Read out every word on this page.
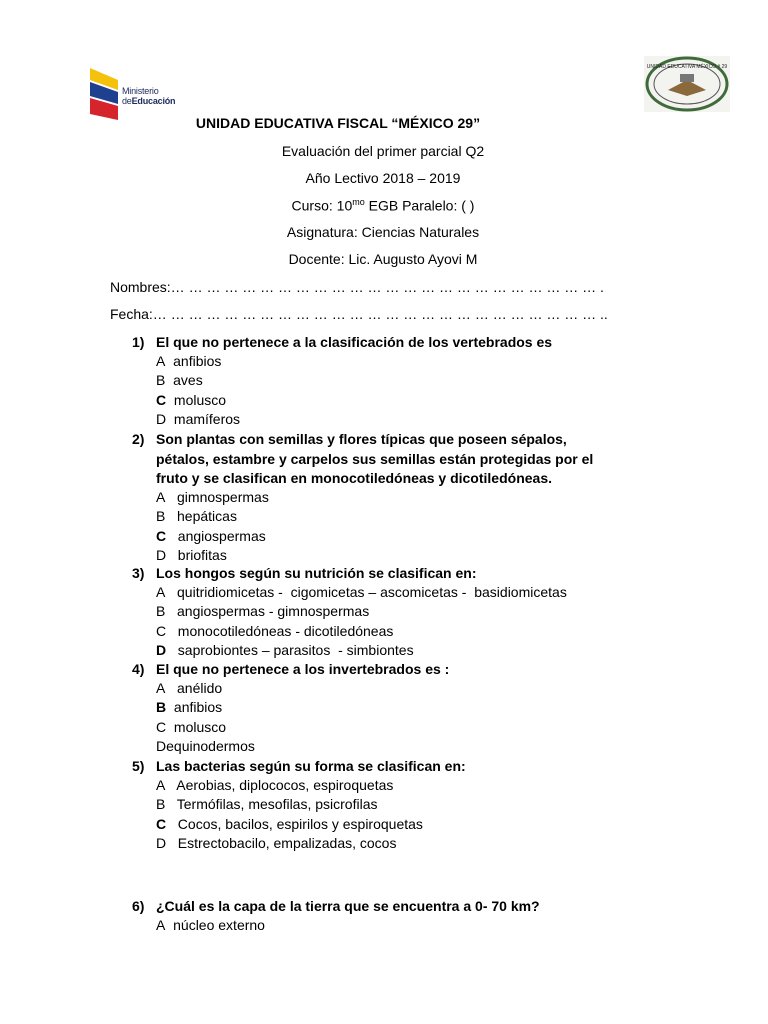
Ministerio
deEducación
UNIDAD EDUCATIVA MÉXICO # 29
UNIDAD EDUCATIVA FISCAL “MÉXICO 29”
Evaluación del primer parcial Q2
Año Lectivo 2018 – 2019
Curso: $10^{mo}$ EGB Paralelo: ( )
Asignatura: Ciencias Naturales
Docente: Lic. Augusto Ayovi M
Nombres:… … … … … … … … … … … … … … … … … … … … … … … … .
Fecha:… … … … … … … … … … … … … … … … … … … … … … … … … ..
1) El que no pertenece a la clasificación de los vertebrados es
A  anfibios
B  aves
C  molusco
D  mamíferos
2) Son plantas con semillas y flores típicas que poseen sépalos,
pétalos, estambre y carpelos sus semillas están protegidas por el
fruto y se clasifican en monocotiledóneas y dicotiledóneas.
A   gimnospermas
B   hepáticas
C   angiospermas
D   briofitas
3) Los hongos según su nutrición se clasifican en:
A   quitridiomicetas -  cigomicetas – ascomicetas -  basidiomicetas
B   angiospermas - gimnospermas
C   monocotiledóneas - dicotiledóneas
D   saprobiontes – parasitos  - simbiontes
4) El que no pertenece a los invertebrados es :
A   anélido
B  anfibios
C  molusco
Dequinodermos
5) Las bacterias según su forma se clasifican en:
A   Aerobias, diplococos, espiroquetas
B   Termófilas, mesofilas, psicrofilas
C   Cocos, bacilos, espirilos y espiroquetas
D   Estrectobacilo, empalizadas, cocos
6) ¿Cuál es la capa de la tierra que se encuentra a 0- 70 km?
A  núcleo externo
